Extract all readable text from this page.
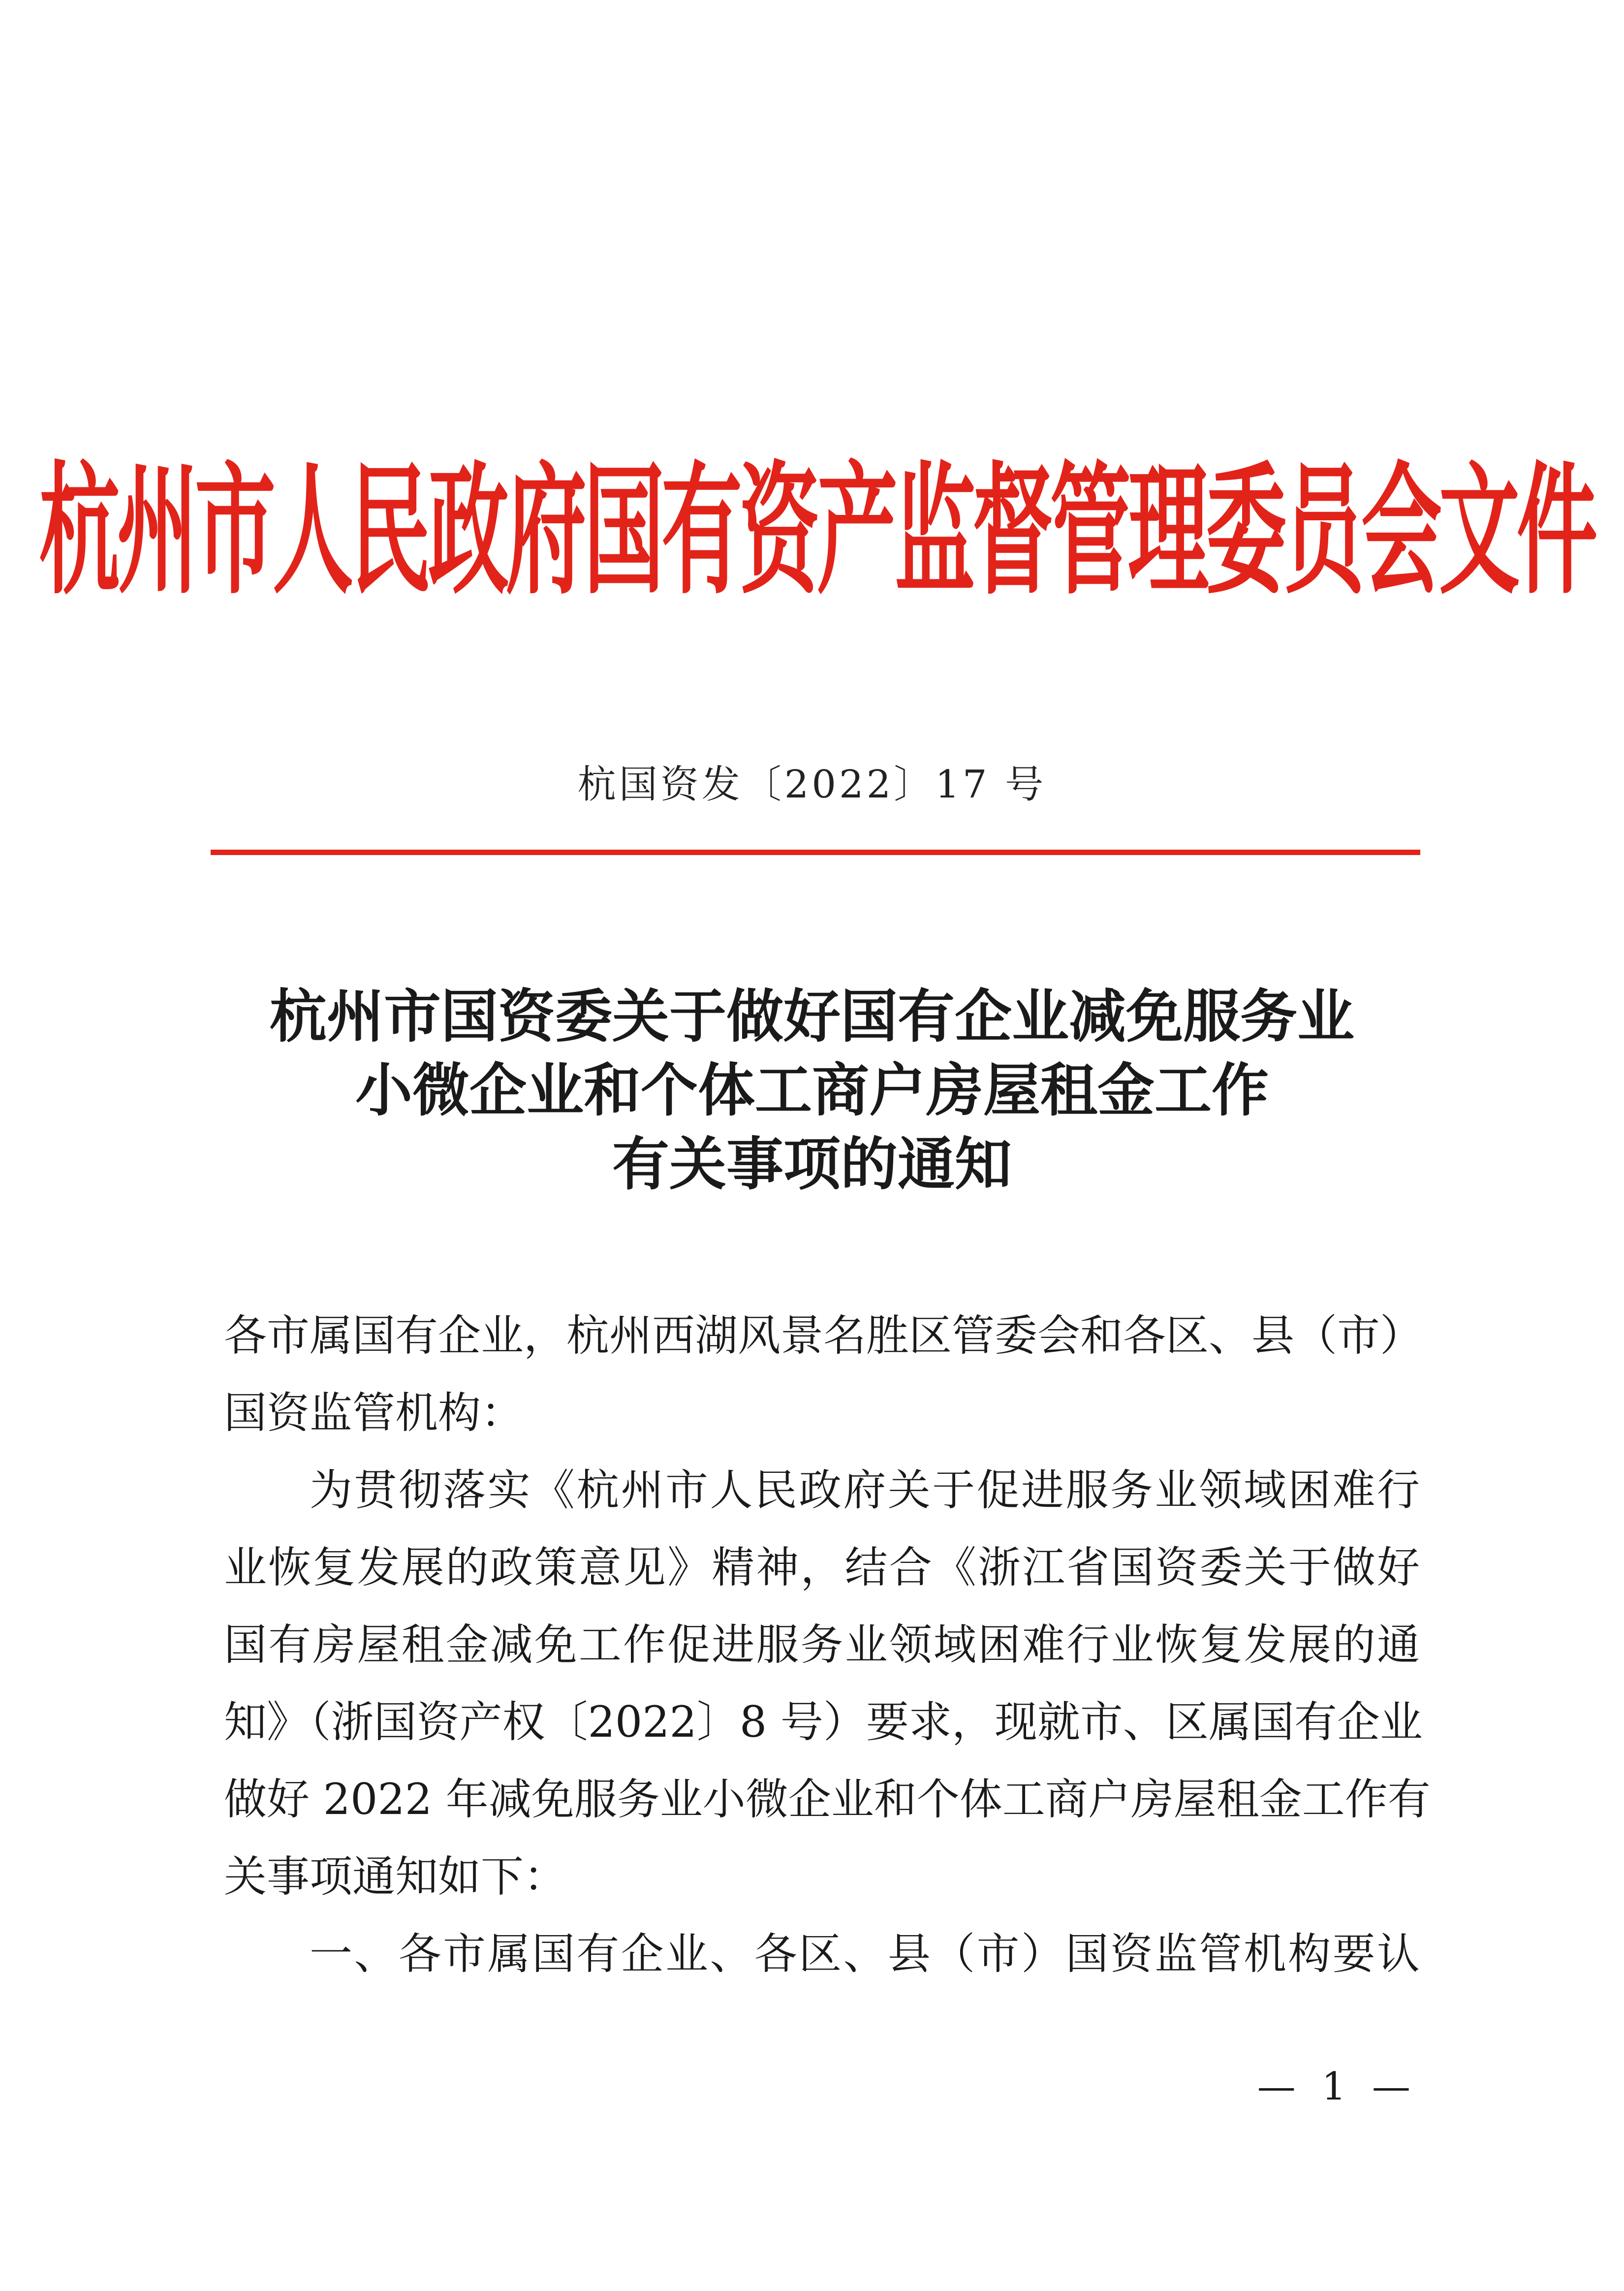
杭州市人民政府国有资产监督管理委员会文件
杭国资发〔2022〕17 号
杭州市国资委关于做好国有企业减免服务业
小微企业和个体工商户房屋租金工作
有关事项的通知
各市属国有企业，杭州西湖风景名胜区管委会和各区、县（市）
国资监管机构：
为贯彻落实《杭州市人民政府关于促进服务业领域困难行
业恢复发展的政策意见》精神，结合《浙江省国资委关于做好
国有房屋租金减免工作促进服务业领域困难行业恢复发展的通
知》（浙国资产权〔2022〕8 号）要求，现就市、区属国有企业
做好 2022 年减免服务业小微企业和个体工商户房屋租金工作有
关事项通知如下：
一、各市属国有企业、各区、县（市）国资监管机构要认
— 1 —
